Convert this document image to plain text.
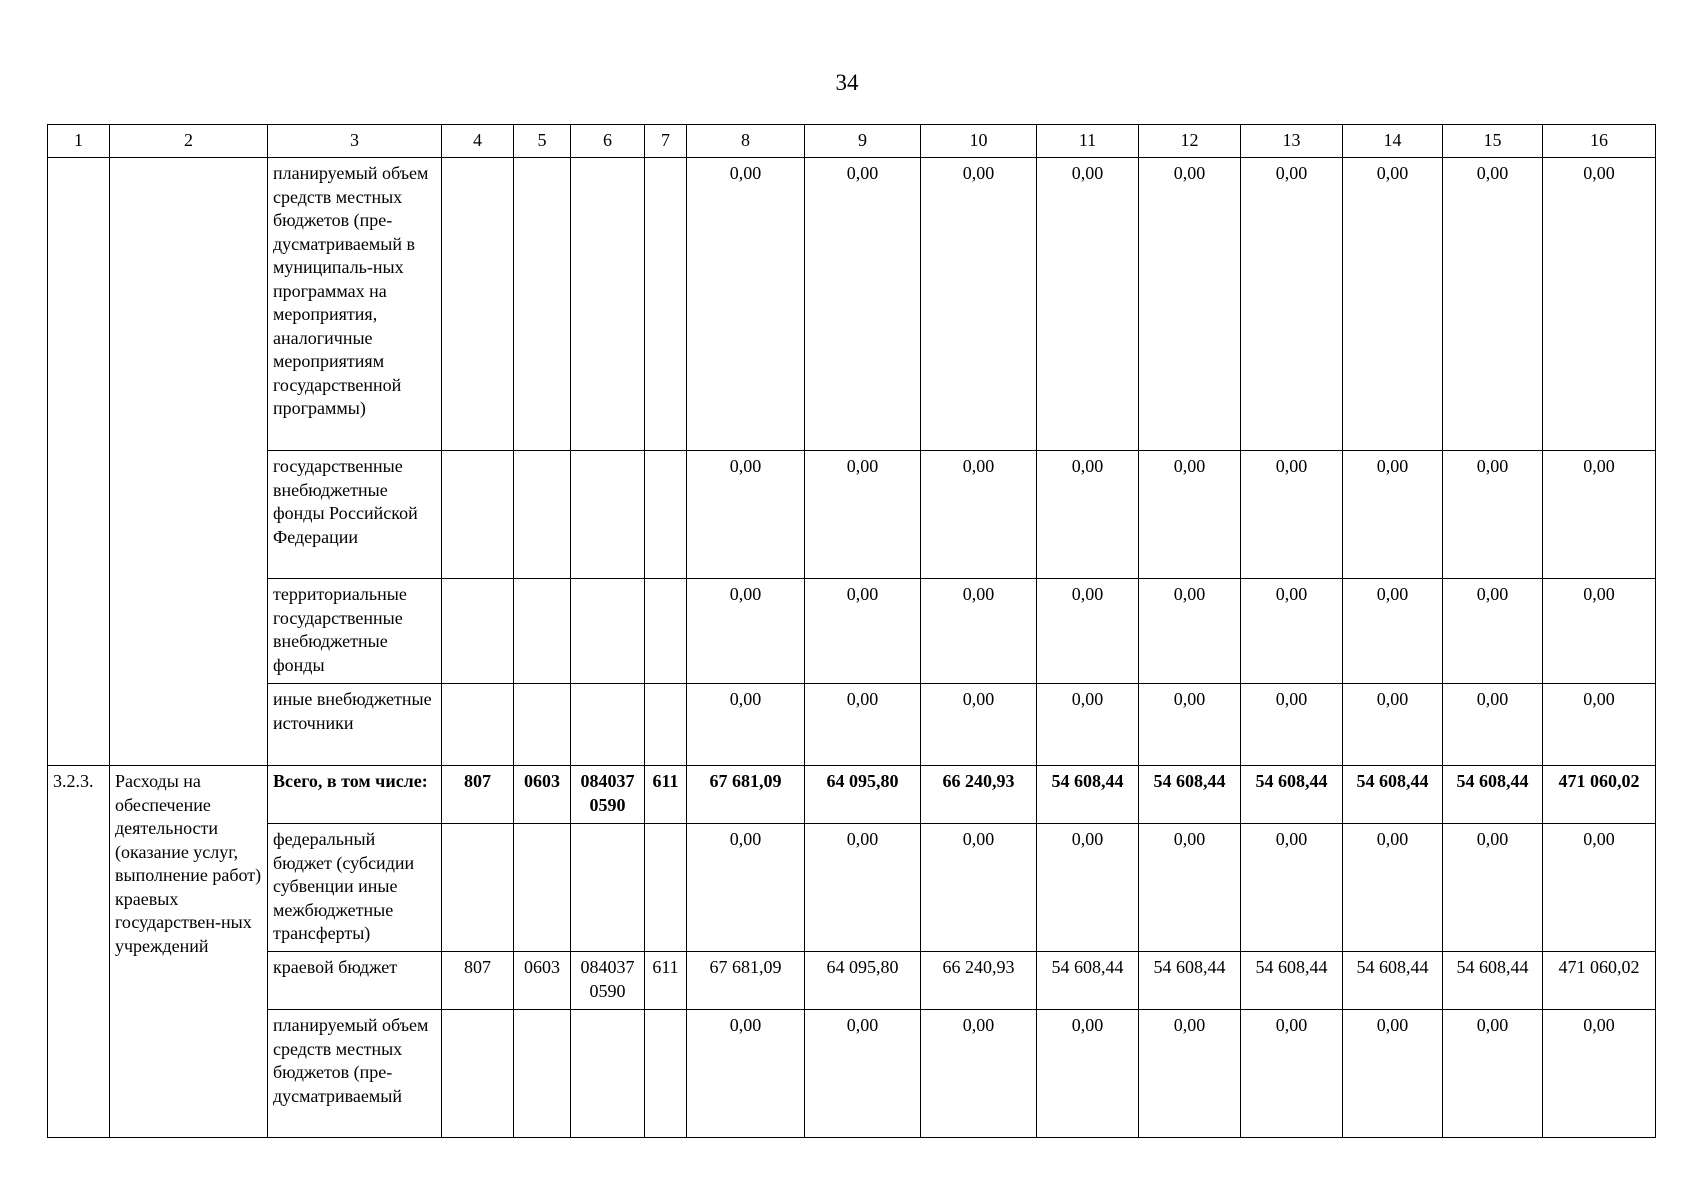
34
1	2	3	4	5	6	7	8	9	10	11	12	13	14	15	16
		планируемый объем средств местных бюджетов (пре-дусматриваемый в муниципаль-ных программах на мероприятия, аналогичные мероприятиям государственной программы)					0,00	0,00	0,00	0,00	0,00	0,00	0,00	0,00	0,00
		государственные внебюджетные фонды Российской Федерации					0,00	0,00	0,00	0,00	0,00	0,00	0,00	0,00	0,00
		территориальные государственные внебюджетные фонды					0,00	0,00	0,00	0,00	0,00	0,00	0,00	0,00	0,00
		иные внебюджетные источники					0,00	0,00	0,00	0,00	0,00	0,00	0,00	0,00	0,00
3.2.3.	Расходы на обеспечение деятельности (оказание услуг, выполнение работ) краевых государствен-ных учреждений	Всего, в том числе:	807	0603	084037 0590	611	67 681,09	64 095,80	66 240,93	54 608,44	54 608,44	54 608,44	54 608,44	54 608,44	471 060,02
		федеральный бюджет (субсидии субвенции иные межбюджетные трансферты)					0,00	0,00	0,00	0,00	0,00	0,00	0,00	0,00	0,00
		краевой бюджет	807	0603	084037 0590	611	67 681,09	64 095,80	66 240,93	54 608,44	54 608,44	54 608,44	54 608,44	54 608,44	471 060,02
		планируемый объем средств местных бюджетов (пре-дусматриваемый					0,00	0,00	0,00	0,00	0,00	0,00	0,00	0,00	0,00
